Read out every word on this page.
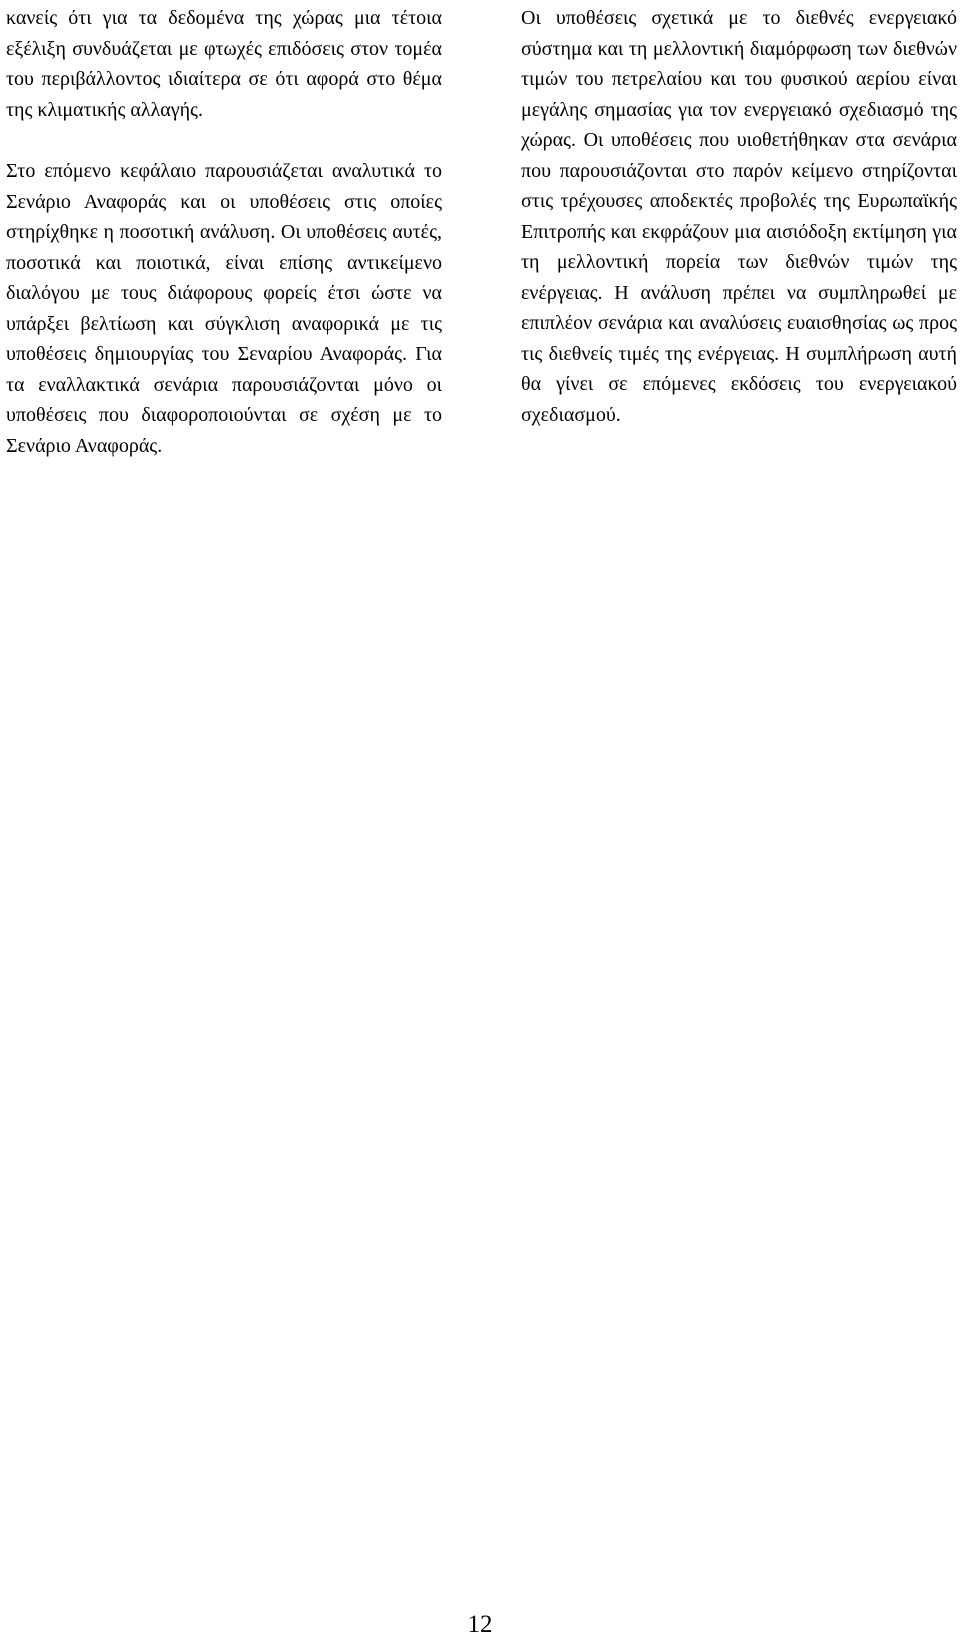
κανείς ότι για τα δεδομένα της χώρας μια τέτοια εξέλιξη συνδυάζεται με φτωχές επιδόσεις στον τομέα του περιβάλλοντος ιδιαίτερα σε ότι αφορά στο θέμα της κλιματικής αλλαγής.

Στο επόμενο κεφάλαιο παρουσιάζεται αναλυτικά το Σενάριο Αναφοράς και οι υποθέσεις στις οποίες στηρίχθηκε η ποσοτική ανάλυση. Οι υποθέσεις αυτές, ποσοτικά και ποιοτικά, είναι επίσης αντικείμενο διαλόγου με τους διάφορους φορείς έτσι ώστε να υπάρξει βελτίωση και σύγκλιση αναφορικά με τις υποθέσεις δημιουργίας του Σεναρίου Αναφοράς. Για τα εναλλακτικά σενάρια παρουσιάζονται μόνο οι υποθέσεις που διαφοροποιούνται σε σχέση με το Σενάριο Αναφοράς.

Οι υποθέσεις σχετικά με το διεθνές ενεργειακό σύστημα και τη μελλοντική διαμόρφωση των διεθνών τιμών του πετρελαίου και του φυσικού αερίου είναι μεγάλης σημασίας για τον ενεργειακό σχεδιασμό της χώρας. Οι υποθέσεις που υιοθετήθηκαν στα σενάρια που παρουσιάζονται στο παρόν κείμενο στηρίζονται στις τρέχουσες αποδεκτές προβολές της Ευρωπαϊκής Επιτροπής και εκφράζουν μια αισιόδοξη εκτίμηση για τη μελλοντική πορεία των διεθνών τιμών της ενέργειας. Η ανάλυση πρέπει να συμπληρωθεί με επιπλέον σενάρια και αναλύσεις ευαισθησίας ως προς τις διεθνείς τιμές της ενέργειας. Η συμπλήρωση αυτή θα γίνει σε επόμενες εκδόσεις του ενεργειακού σχεδιασμού.

12
